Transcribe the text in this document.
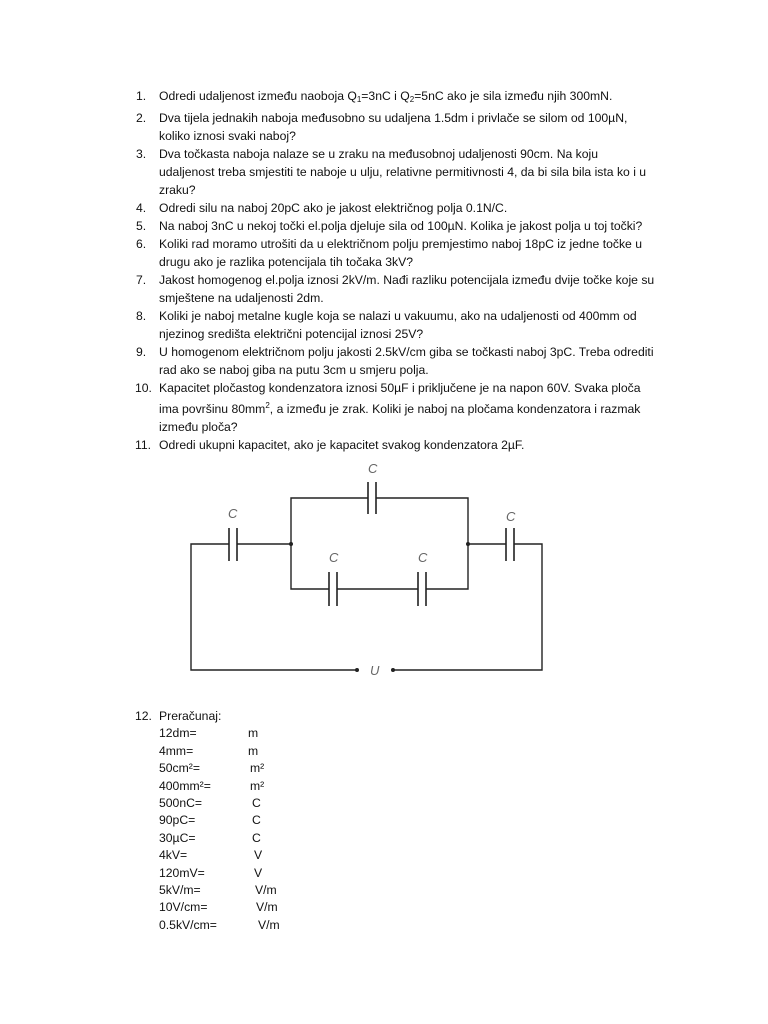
1. Odredi udaljenost između naoboja $Q_1=3nC$ i $Q_2=5nC$ ako je sila između njih 300mN.
2. Dva tijela jednakih naboja međusobno su udaljena 1.5dm i privlače se silom od 100µN, koliko iznosi svaki naboj?
3. Dva točkasta naboja nalaze se u zraku na međusobnoj udaljenosti 90cm. Na koju udaljenost treba smjestiti te naboje u ulju, relativne permitivnosti 4, da bi sila bila ista ko i u zraku?
4. Odredi silu na naboj 20pC ako je jakost električnog polja 0.1N/C.
5. Na naboj 3nC u nekoj točki el.polja djeluje sila od 100µN. Kolika je jakost polja u toj točki?
6. Koliki rad moramo utrošiti da u električnom polju premjestimo naboj 18pC iz jedne točke u drugu ako je razlika potencijala tih točaka 3kV?
7. Jakost homogenog el.polja iznosi 2kV/m. Nađi razliku potencijala između dvije točke koje su smještene na udaljenosti 2dm.
8. Koliki je naboj metalne kugle koja se nalazi u vakuumu, ako na udaljenosti od 400mm od njezinog središta električni potencijal iznosi 25V?
9. U homogenom električnom polju jakosti 2.5kV/cm giba se točkasti naboj 3pC. Treba odrediti rad ako se naboj giba na putu 3cm u smjeru polja.
10. Kapacitet pločastog kondenzatora iznosi 50µF i priključene je na napon 60V. Svaka ploča ima površinu $80mm^2$, a između je zrak. Koliki je naboj na pločama kondenzatora i razmak između ploča?
11. Odredi ukupni kapacitet, ako je kapacitet svakog kondenzatora 2µF.
C
C	C
C	C
U
12. Preračunaj:
12dm=	m
4mm=	m
50cm²=	m²
400mm²=	m²
500nC=	C
90pC=	C
30µC=	C
4kV=	V
120mV=	V
5kV/m=	V/m
10V/cm=	V/m
0.5kV/cm=	V/m
